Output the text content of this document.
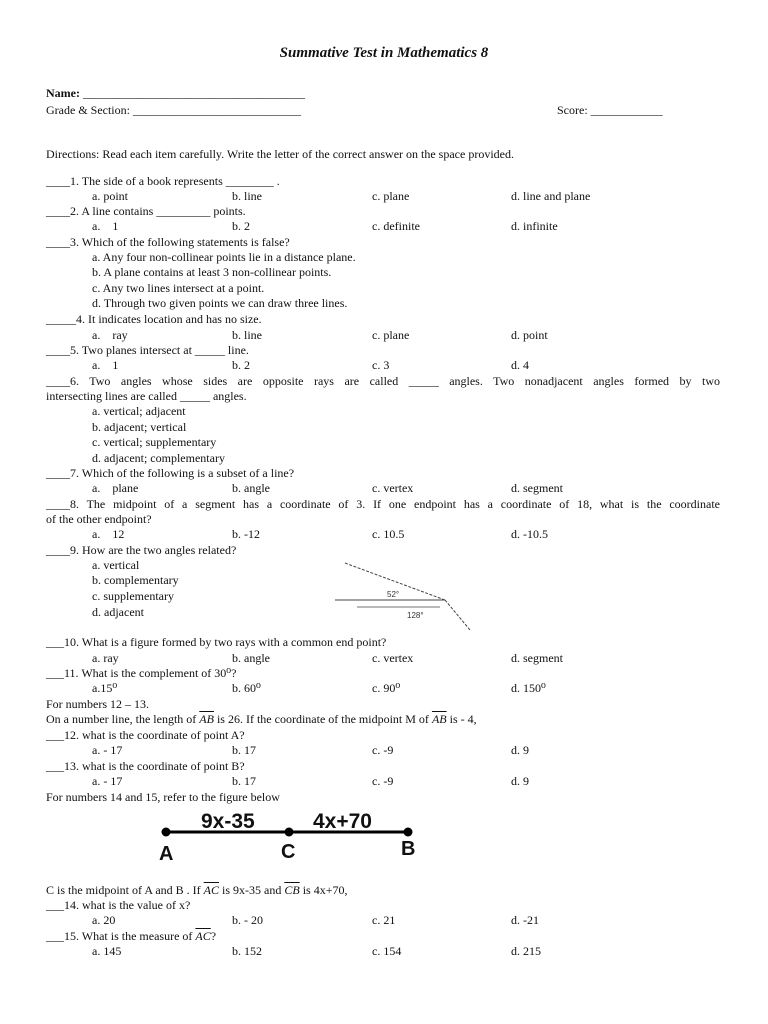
Summative Test in Mathematics 8
Name: _____________________________________
Grade & Section: ____________________________	Score: ____________
Directions: Read each item carefully. Write the letter of the correct answer on the space provided.
____1. The side of a book represents ________ .
a. point	b. line	c. plane	d. line and plane
____2. A line contains _________ points.
a.    1	b. 2	c. definite	d. infinite
____3. Which of the following statements is false?
a. Any four non-collinear points lie in a distance plane.
b. A plane contains at least 3 non-collinear points.
c. Any two lines intersect at a point.
d. Through two given points we can draw three lines.
_____4. It indicates location and has no size.
a.    ray	b. line	c. plane	d. point
____5. Two planes intersect at _____ line.
a.    1	b. 2	c. 3	d. 4
____6. Two angles whose sides are opposite rays are called _____ angles. Two nonadjacent angles formed by two
intersecting lines are called _____ angles.
a. vertical; adjacent
b. adjacent; vertical
c. vertical; supplementary
d. adjacent; complementary
____7. Which of the following is a subset of a line?
a.    plane	b. angle	c. vertex	d. segment
____8. The midpoint of a segment has a coordinate of 3. If one endpoint has a coordinate of 18, what is the coordinate
of the other endpoint?
a.    12	b. -12	c. 10.5	d. -10.5
____9. How are the two angles related?
a. vertical
b. complementary
c. supplementary
d. adjacent
52°
128°
___10. What is a figure formed by two rays with a common end point?
a. ray	b. angle	c. vertex	d. segment
___11. What is the complement of 30⁰?
a.15⁰	b. 60⁰	c. 90⁰	d. 150⁰
For numbers 12 – 13.
On a number line, the length of $\overline{AB}$ is 26. If the coordinate of the midpoint M of $\overline{AB}$ is - 4,
___12. what is the coordinate of point A?
a. - 17	b. 17	c. -9	d. 9
___13. what is the coordinate of point B?
a. - 17	b. 17	c. -9	d. 9
For numbers 14 and 15, refer to the figure below
9x-35	4x+70
A	C	B
C is the midpoint of A and B . If $\overline{AC}$ is 9x-35 and $\overline{CB}$ is 4x+70,
___14. what is the value of x?
a. 20	b. - 20	c. 21	d. -21
___15. What is the measure of $\overline{AC}$?
a. 145	b. 152	c. 154	d. 215
